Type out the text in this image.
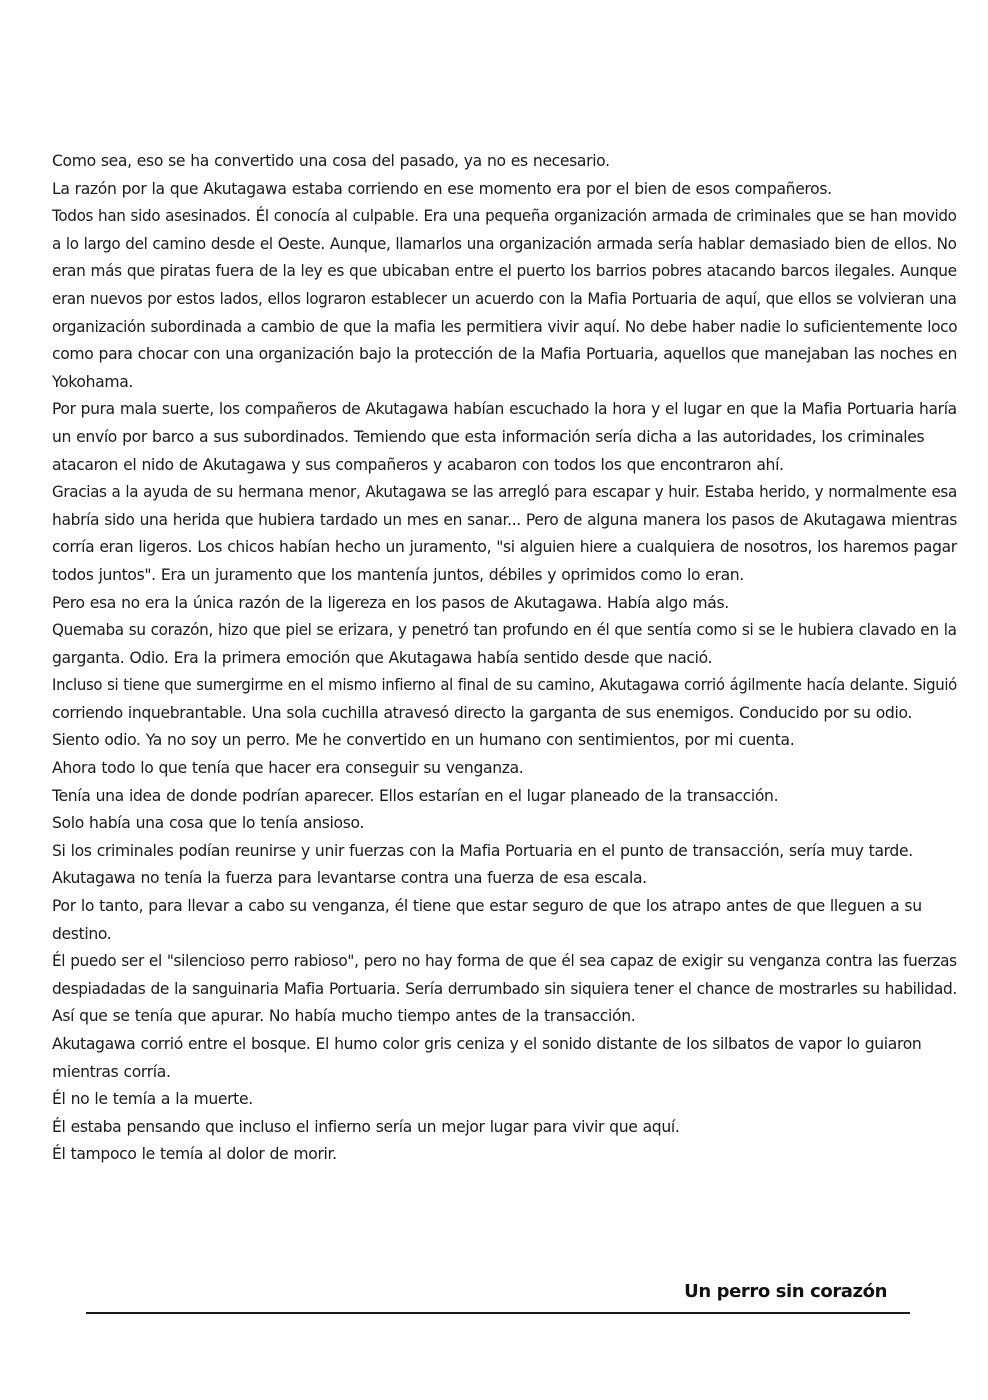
Como sea, eso se ha convertido una cosa del pasado, ya no es necesario.
La razón por la que Akutagawa estaba corriendo en ese momento era por el bien de esos compañeros.
Todos han sido asesinados. Él conocía al culpable. Era una pequeña organización armada de criminales que se han movido
a lo largo del camino desde el Oeste. Aunque, llamarlos una organización armada sería hablar demasiado bien de ellos. No
eran más que piratas fuera de la ley es que ubicaban entre el puerto los barrios pobres atacando barcos ilegales. Aunque
eran nuevos por estos lados, ellos lograron establecer un acuerdo con la Mafia Portuaria de aquí, que ellos se volvieran una
organización subordinada a cambio de que la mafia les permitiera vivir aquí. No debe haber nadie lo suficientemente loco
como para chocar con una organización bajo la protección de la Mafia Portuaria, aquellos que manejaban las noches en
Yokohama.
Por pura mala suerte, los compañeros de Akutagawa habían escuchado la hora y el lugar en que la Mafia Portuaria haría
un envío por barco a sus subordinados. Temiendo que esta información sería dicha a las autoridades, los criminales
atacaron el nido de Akutagawa y sus compañeros y acabaron con todos los que encontraron ahí.
Gracias a la ayuda de su hermana menor, Akutagawa se las arregló para escapar y huir. Estaba herido, y normalmente esa
habría sido una herida que hubiera tardado un mes en sanar... Pero de alguna manera los pasos de Akutagawa mientras
corría eran ligeros. Los chicos habían hecho un juramento, "si alguien hiere a cualquiera de nosotros, los haremos pagar
todos juntos". Era un juramento que los mantenía juntos, débiles y oprimidos como lo eran.
Pero esa no era la única razón de la ligereza en los pasos de Akutagawa. Había algo más.
Quemaba su corazón, hizo que piel se erizara, y penetró tan profundo en él que sentía como si se le hubiera clavado en la
garganta. Odio. Era la primera emoción que Akutagawa había sentido desde que nació.
Incluso si tiene que sumergirme en el mismo infierno al final de su camino, Akutagawa corrió ágilmente hacía delante. Siguió
corriendo inquebrantable. Una sola cuchilla atravesó directo la garganta de sus enemigos. Conducido por su odio.
Siento odio. Ya no soy un perro. Me he convertido en un humano con sentimientos, por mi cuenta.
Ahora todo lo que tenía que hacer era conseguir su venganza.
Tenía una idea de donde podrían aparecer. Ellos estarían en el lugar planeado de la transacción.
Solo había una cosa que lo tenía ansioso.
Si los criminales podían reunirse y unir fuerzas con la Mafia Portuaria en el punto de transacción, sería muy tarde.
Akutagawa no tenía la fuerza para levantarse contra una fuerza de esa escala.
Por lo tanto, para llevar a cabo su venganza, él tiene que estar seguro de que los atrapo antes de que lleguen a su
destino.
Él puedo ser el "silencioso perro rabioso", pero no hay forma de que él sea capaz de exigir su venganza contra las fuerzas
despiadadas de la sanguinaria Mafia Portuaria. Sería derrumbado sin siquiera tener el chance de mostrarles su habilidad.
Así que se tenía que apurar. No había mucho tiempo antes de la transacción.
Akutagawa corrió entre el bosque. El humo color gris ceniza y el sonido distante de los silbatos de vapor lo guiaron
mientras corría.
Él no le temía a la muerte.
Él estaba pensando que incluso el infierno sería un mejor lugar para vivir que aquí.
Él tampoco le temía al dolor de morir.
Un perro sin corazón
